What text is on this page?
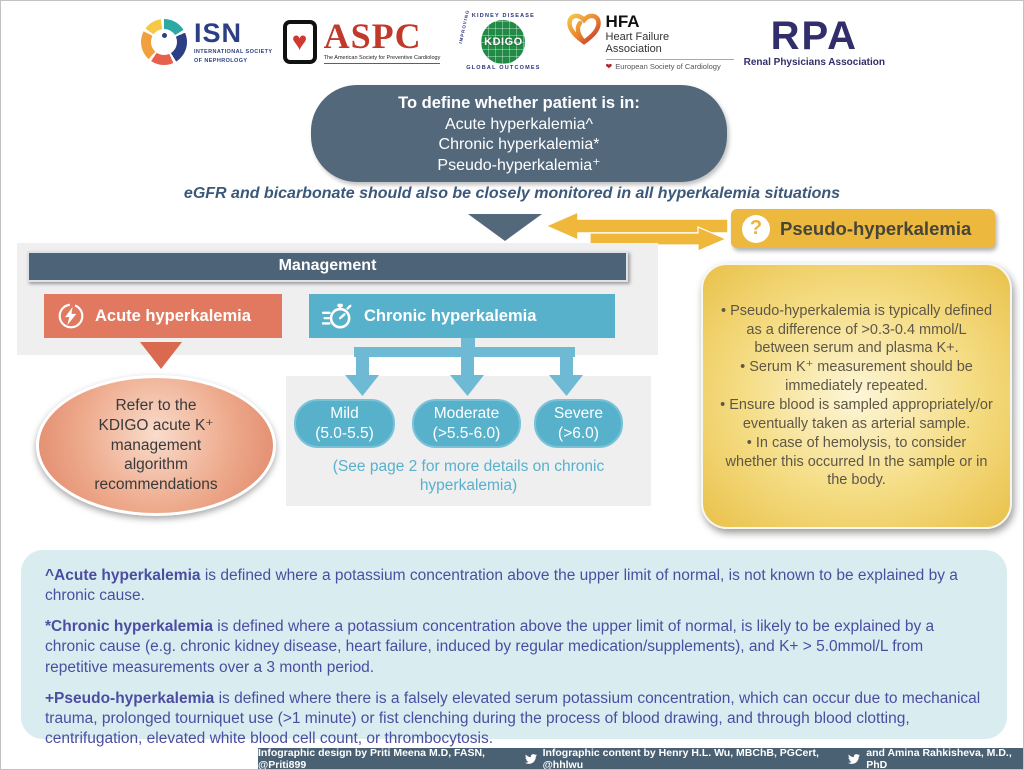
ISN
INTERNATIONAL SOCIETY
OF NEPHROLOGY
♥ ASPC
The American Society for Preventive Cardiology
KIDNEY DISEASE
IMPROVING KDIGO
GLOBAL OUTCOMES
HFA
Heart Failure
Association
❤ European Society of Cardiology
RPA
Renal Physicians Association
To define whether patient is in:
Acute hyperkalemia^
Chronic hyperkalemia*
Pseudo-hyperkalemia⁺
eGFR and bicarbonate should also be closely monitored in all hyperkalemia situations
? Pseudo-hyperkalemia
Management
Acute hyperkalemia	Chronic hyperkalemia
Refer to the
KDIGO acute K⁺
management
algorithm
recommendations
Mild
(5.0-5.5)
Moderate
(>5.5-6.0)
Severe
(>6.0)
(See page 2 for more details on chronic hyperkalemia)
• Pseudo-hyperkalemia is typically defined as a difference of >0.3-0.4 mmol/L between serum and plasma K+.
• Serum K⁺ measurement should be immediately repeated.
• Ensure blood is sampled appropriately/or eventually taken as arterial sample.
• In case of hemolysis, to consider whether this occurred In the sample or in the body.

^Acute hyperkalemia is defined where a potassium concentration above the upper limit of normal, is not known to be explained by a chronic cause.

*Chronic hyperkalemia is defined where a potassium concentration above the upper limit of normal, is likely to be explained by a chronic cause (e.g. chronic kidney disease, heart failure, induced by regular medication/supplements), and K+ > 5.0mmol/L from repetitive measurements over a 3 month period.

+Pseudo-hyperkalemia is defined where there is a falsely elevated serum potassium concentration, which can occur due to mechanical trauma, prolonged tourniquet use (>1 minute) or fist clenching during the process of blood drawing, and through blood clotting, centrifugation, elevated white blood cell count, or thrombocytosis.

Infographic design by Priti Meena M.D, FASN, @Priti899
Infographic content by Henry H.L. Wu, MBChB, PGCert, @hhlwu
and Amina Rahkisheva, M.D., PhD
